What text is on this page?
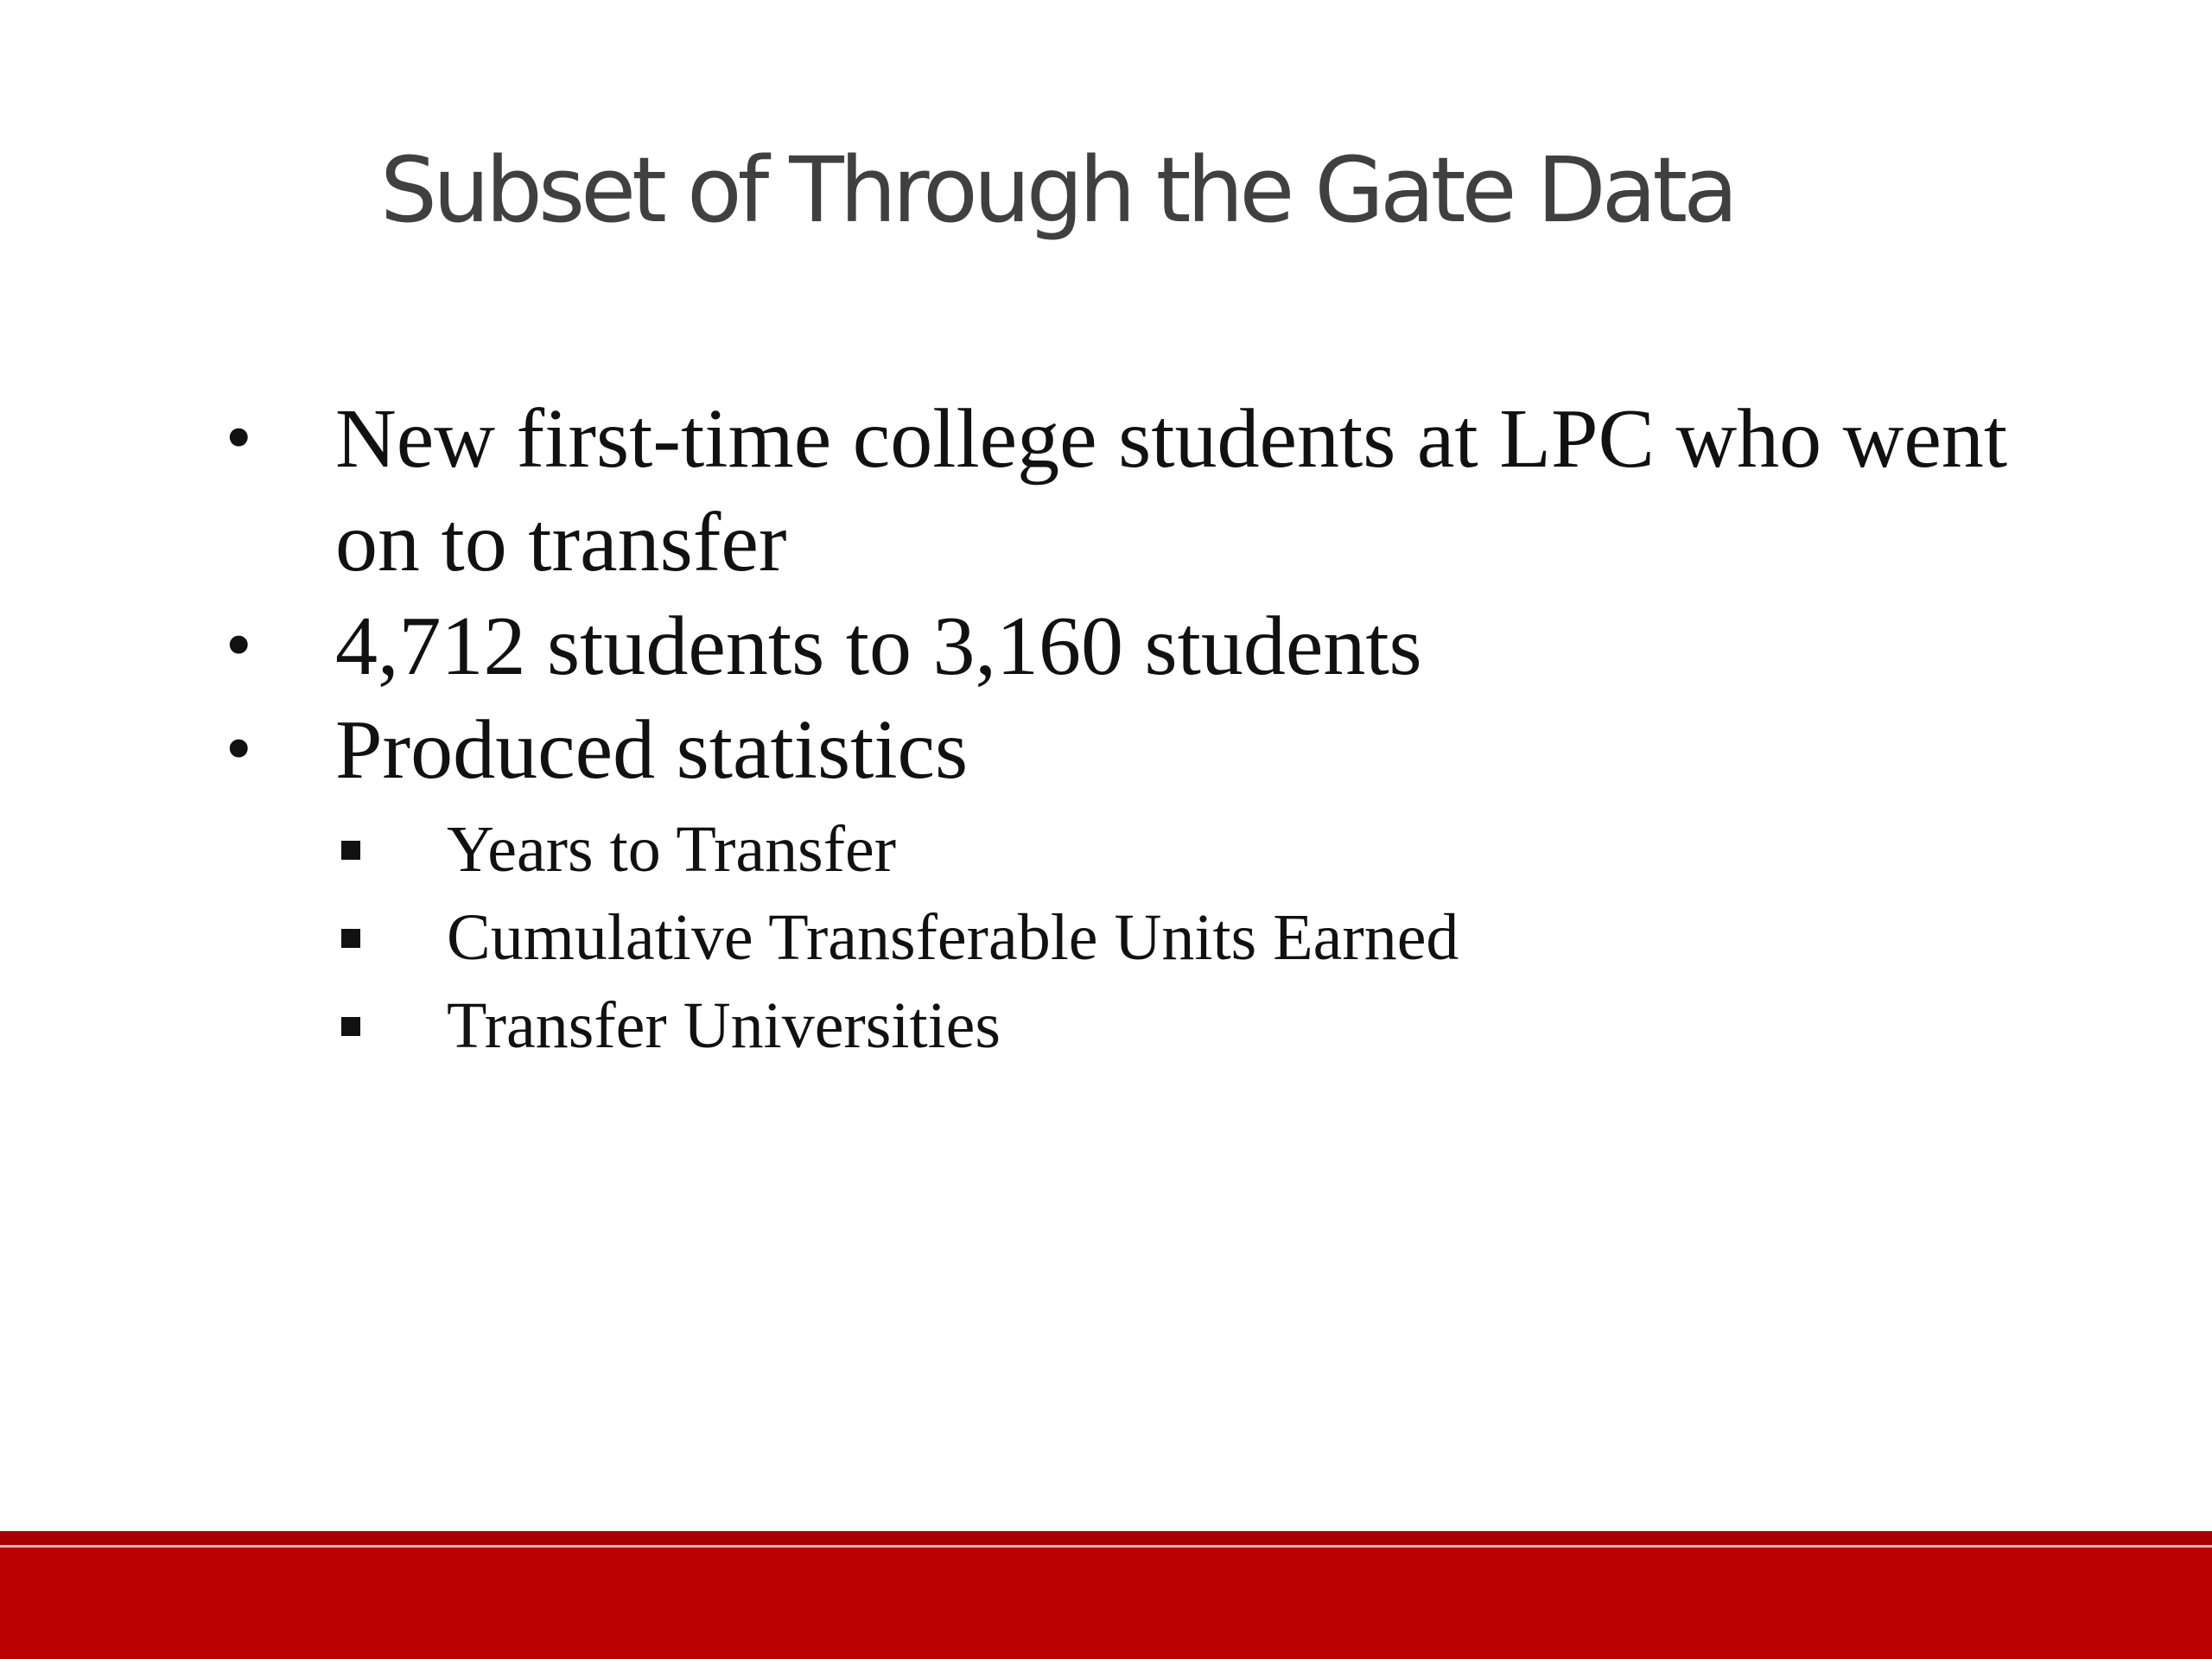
Subset of Through the Gate Data
• New first-time college students at LPC who went on to transfer
• 4,712 students to 3,160 students
• Produced statistics
Years to Transfer
Cumulative Transferable Units Earned
Transfer Universities
